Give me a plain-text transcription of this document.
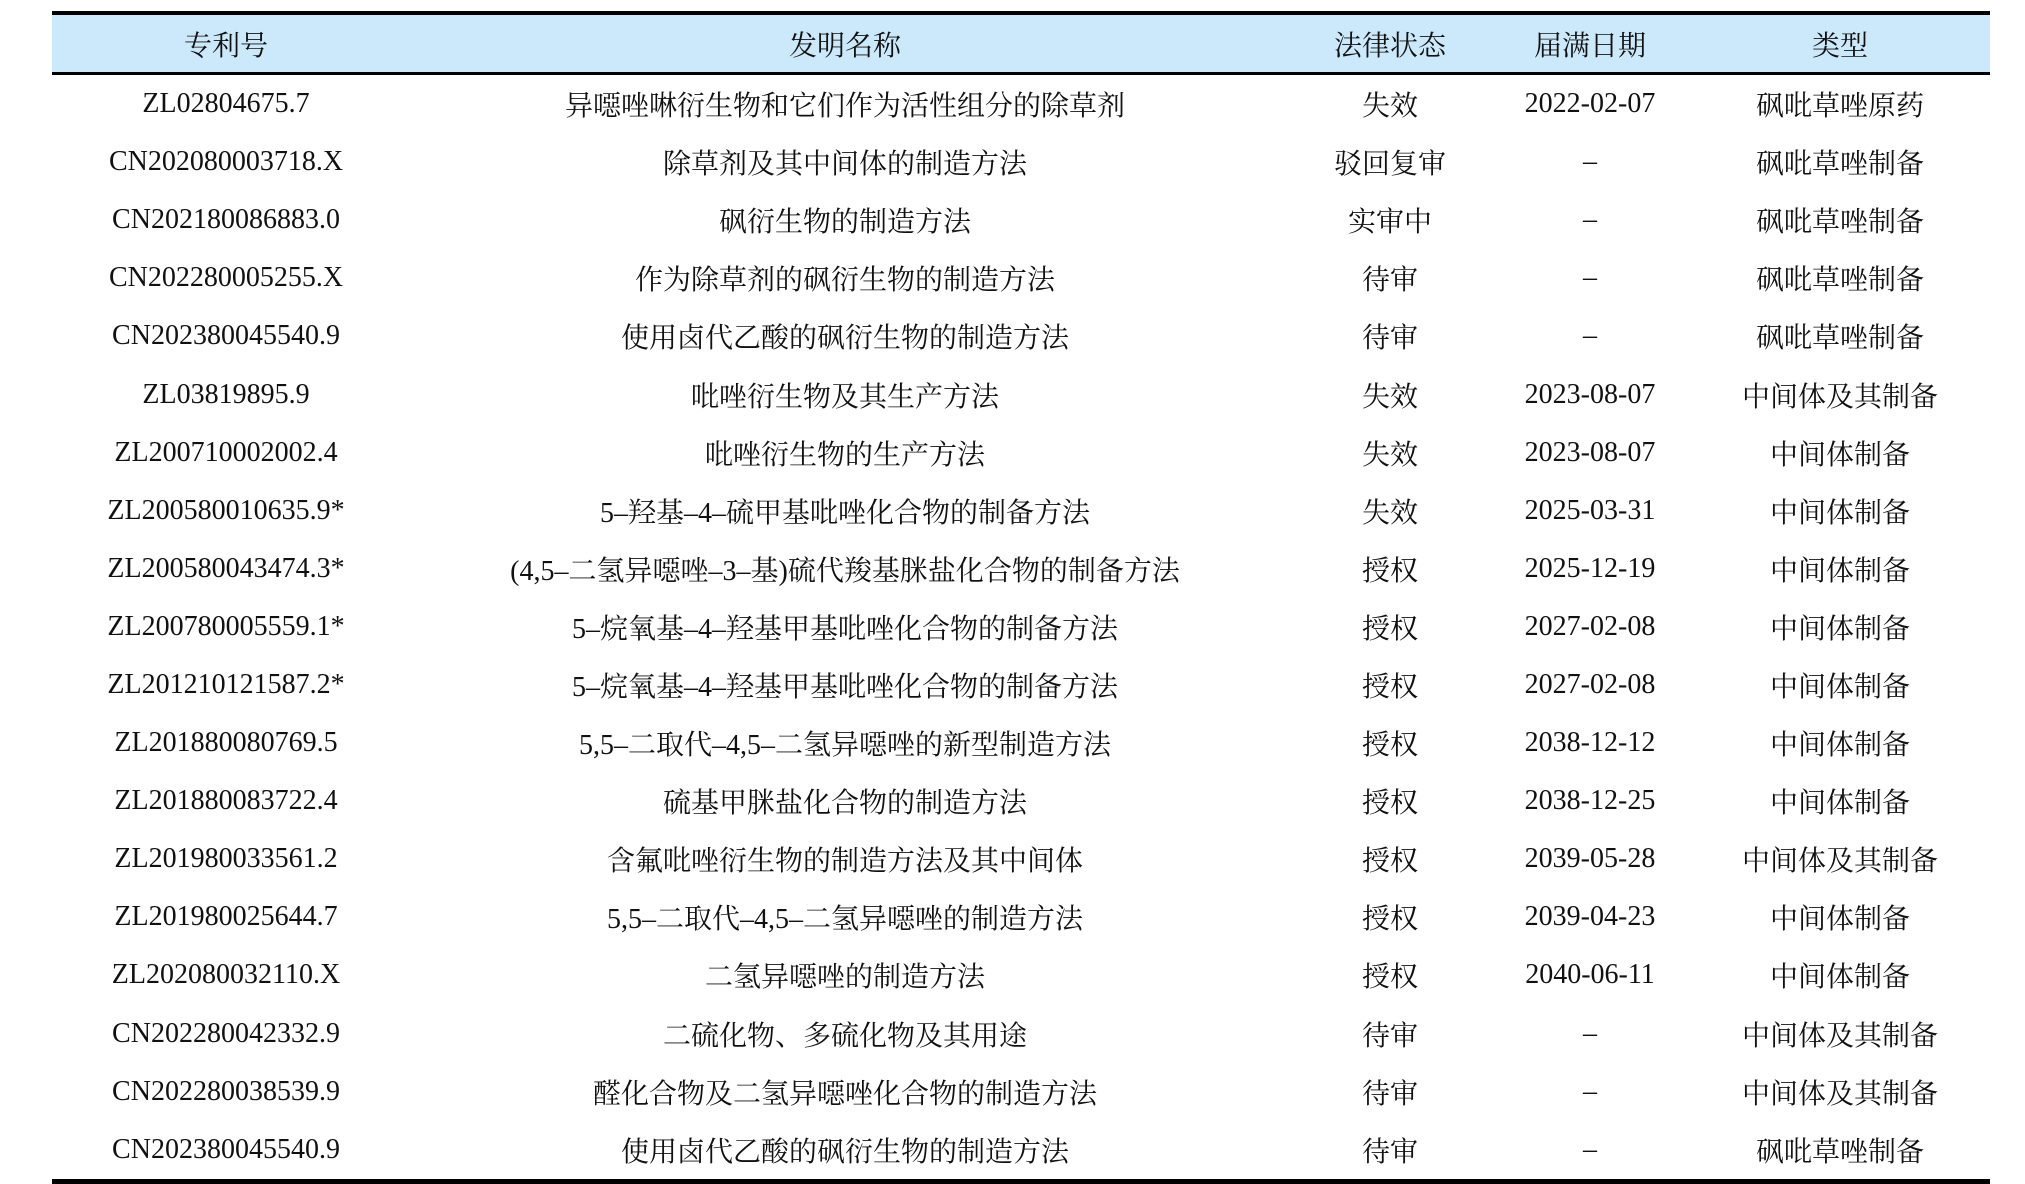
专利号	发明名称	法律状态	届满日期	类型
ZL02804675.7	异噁唑啉衍生物和它们作为活性组分的除草剂	失效	2022-02-07	砜吡草唑原药
CN202080003718.X	除草剂及其中间体的制造方法	驳回复审	–	砜吡草唑制备
CN202180086883.0	砜衍生物的制造方法	实审中	–	砜吡草唑制备
CN202280005255.X	作为除草剂的砜衍生物的制造方法	待审	–	砜吡草唑制备
CN202380045540.9	使用卤代乙酸的砜衍生物的制造方法	待审	–	砜吡草唑制备
ZL03819895.9	吡唑衍生物及其生产方法	失效	2023-08-07	中间体及其制备
ZL200710002002.4	吡唑衍生物的生产方法	失效	2023-08-07	中间体制备
ZL200580010635.9*	5–羟基–4–硫甲基吡唑化合物的制备方法	失效	2025-03-31	中间体制备
ZL200580043474.3*	(4,5–二氢异噁唑–3–基)硫代羧基脒盐化合物的制备方法	授权	2025-12-19	中间体制备
ZL200780005559.1*	5–烷氧基–4–羟基甲基吡唑化合物的制备方法	授权	2027-02-08	中间体制备
ZL201210121587.2*	5–烷氧基–4–羟基甲基吡唑化合物的制备方法	授权	2027-02-08	中间体制备
ZL201880080769.5	5,5–二取代–4,5–二氢异噁唑的新型制造方法	授权	2038-12-12	中间体制备
ZL201880083722.4	硫基甲脒盐化合物的制造方法	授权	2038-12-25	中间体制备
ZL201980033561.2	含氟吡唑衍生物的制造方法及其中间体	授权	2039-05-28	中间体及其制备
ZL201980025644.7	5,5–二取代–4,5–二氢异噁唑的制造方法	授权	2039-04-23	中间体制备
ZL202080032110.X	二氢异噁唑的制造方法	授权	2040-06-11	中间体制备
CN202280042332.9	二硫化物、多硫化物及其用途	待审	–	中间体及其制备
CN202280038539.9	醛化合物及二氢异噁唑化合物的制造方法	待审	–	中间体及其制备
CN202380045540.9	使用卤代乙酸的砜衍生物的制造方法	待审	–	砜吡草唑制备
